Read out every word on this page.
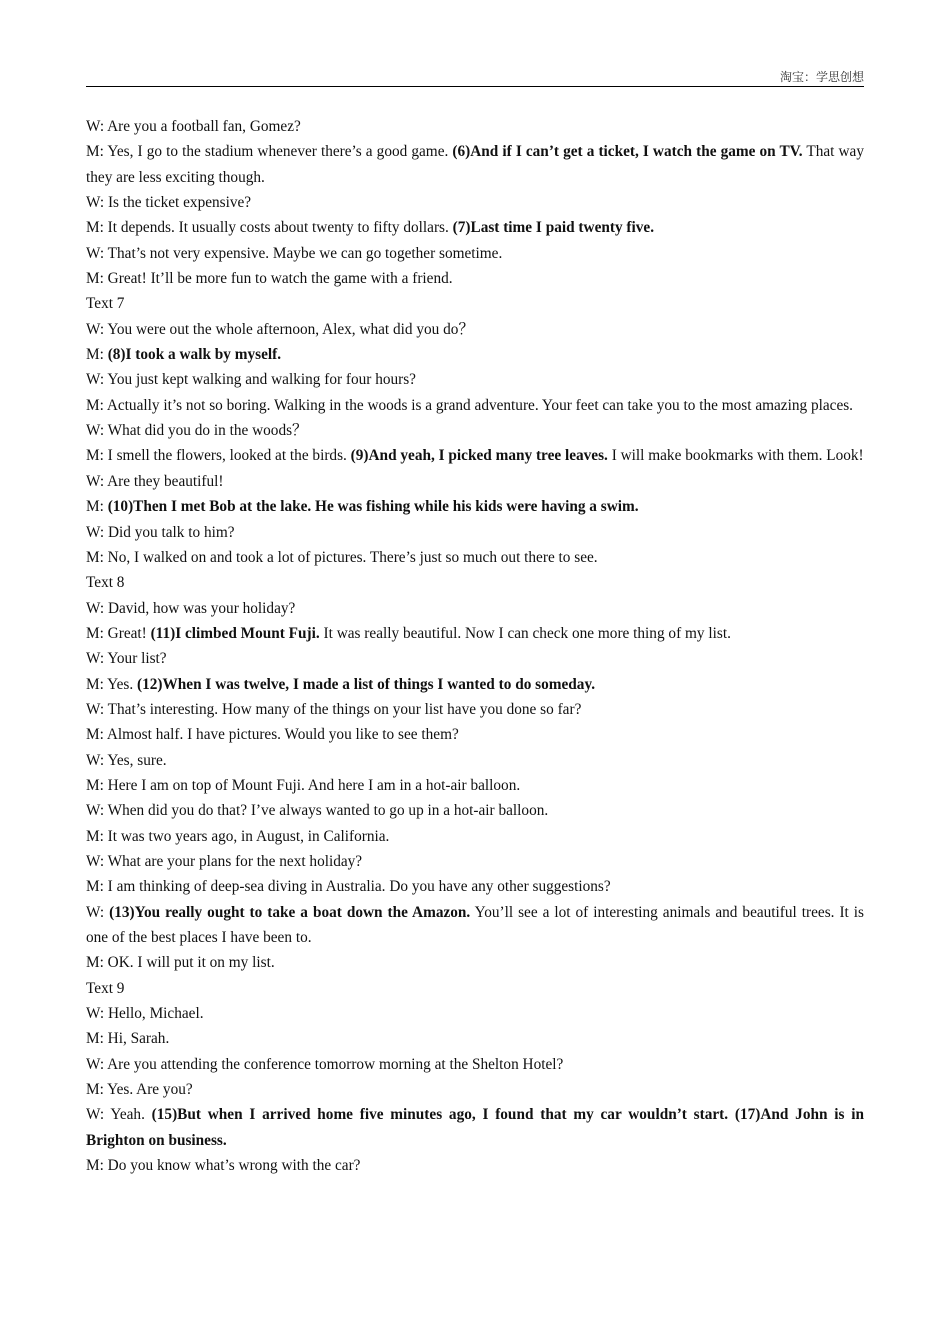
淘宝：学思创想

W: Are you a football fan, Gomez?

M: Yes, I go to the stadium whenever there’s a good game. (6)And if I can’t get a ticket, I watch the game on TV. That way they are less exciting though.

W: Is the ticket expensive?

M: It depends. It usually costs about twenty to fifty dollars. (7)Last time I paid twenty five.

W: That’s not very expensive. Maybe we can go together sometime.

M: Great! It’ll be more fun to watch the game with a friend.

Text 7

W: You were out the whole afternoon, Alex, what did you do？

M: (8)I took a walk by myself.

W: You just kept walking and walking for four hours?

M: Actually it’s not so boring. Walking in the woods is a grand adventure. Your feet can take you to the most amazing places.

W: What did you do in the woods？

M: I smell the flowers, looked at the birds. (9)And yeah, I picked many tree leaves. I will make bookmarks with them. Look!

W: Are they beautiful!

M: (10)Then I met Bob at the lake. He was fishing while his kids were having a swim.

W: Did you talk to him?

M: No, I walked on and took a lot of pictures. There’s just so much out there to see.

Text 8

W: David, how was your holiday?

M: Great! (11)I climbed Mount Fuji. It was really beautiful. Now I can check one more thing of my list.

W: Your list?

M: Yes. (12)When I was twelve, I made a list of things I wanted to do someday.

W: That’s interesting. How many of the things on your list have you done so far?

M: Almost half. I have pictures. Would you like to see them?

W: Yes, sure.

M: Here I am on top of Mount Fuji. And here I am in a hot-air balloon.

W: When did you do that? I’ve always wanted to go up in a hot-air balloon.

M: It was two years ago, in August, in California.

W: What are your plans for the next holiday?

M: I am thinking of deep-sea diving in Australia. Do you have any other suggestions?

W: (13)You really ought to take a boat down the Amazon. You’ll see a lot of interesting animals and beautiful trees. It is one of the best places I have been to.

M: OK. I will put it on my list.

Text 9

W: Hello, Michael.

M: Hi, Sarah.

W: Are you attending the conference tomorrow morning at the Shelton Hotel?

M: Yes. Are you?

W: Yeah. (15)But when I arrived home five minutes ago, I found that my car wouldn’t start. (17)And John is in Brighton on business.

M: Do you know what’s wrong with the car?
